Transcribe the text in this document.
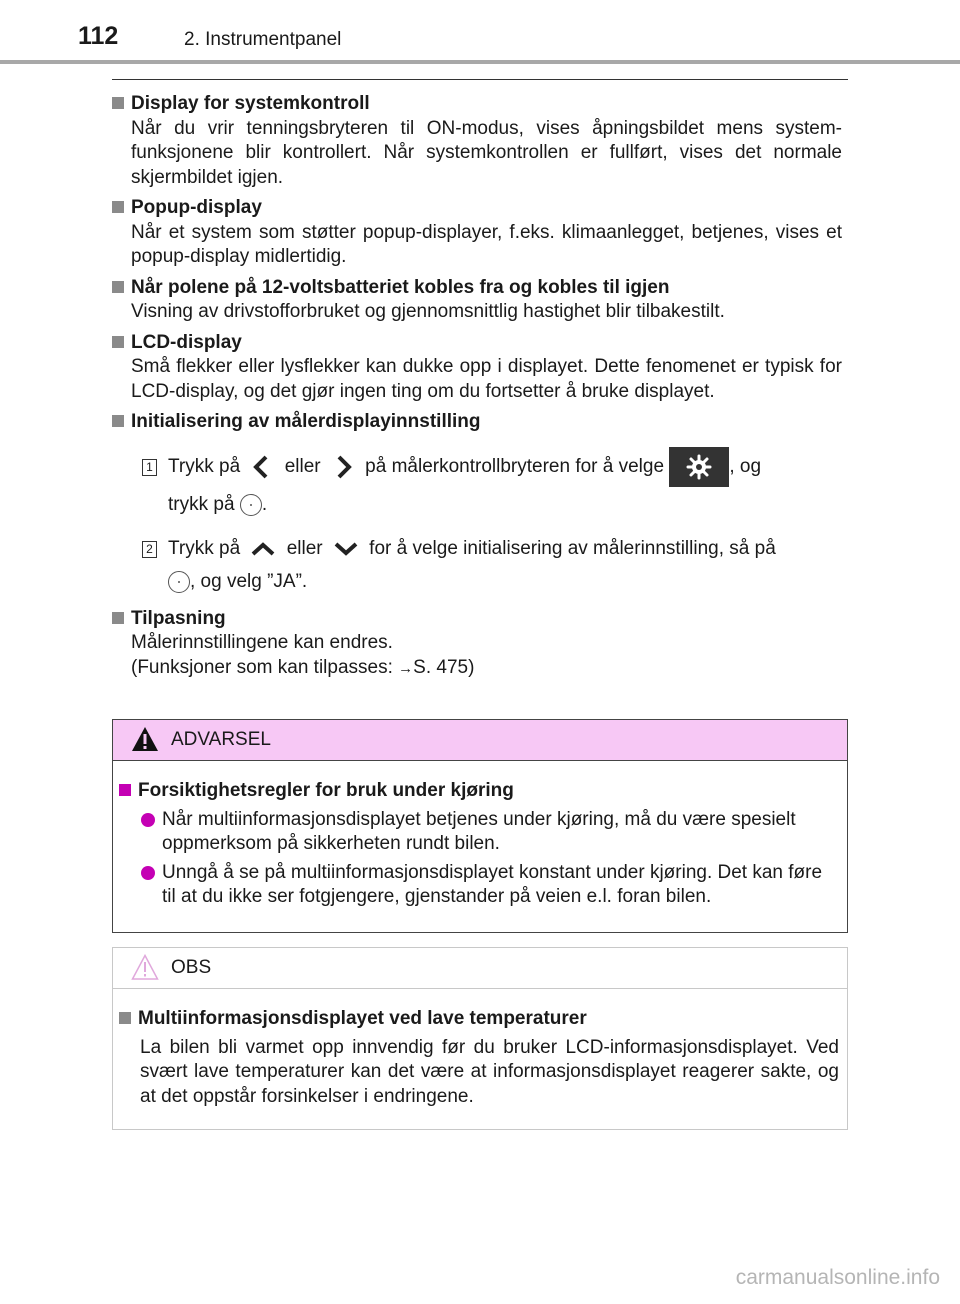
112	2. Instrumentpanel
Display for systemkontroll
Når du vrir tenningsbryteren til ON-modus, vises åpningsbildet mens system-funksjonene blir kontrollert. Når systemkontrollen er fullført, vises det normale skjermbildet igjen.
Popup-display
Når et system som støtter popup-displayer, f.eks. klimaanlegget, betjenes, vises et popup-display midlertidig.
Når polene på 12-voltsbatteriet kobles fra og kobles til igjen
Visning av drivstofforbruket og gjennomsnittlig hastighet blir tilbakestilt.
LCD-display
Små flekker eller lysflekker kan dukke opp i displayet. Dette fenomenet er typisk for LCD-display, og det gjør ingen ting om du fortsetter å bruke displayet.
Initialisering av målerdisplayinnstilling
1 Trykk på eller på målerkontrollbryteren for å velge	, og
trykk på .
2 Trykk på eller for å velge initialisering av målerinnstilling, så på
, og velg ”JA”.
Tilpasning
Målerinnstillingene kan endres.
(Funksjoner som kan tilpasses: →S. 475)
ADVARSEL
Forsiktighetsregler for bruk under kjøring
Når multiinformasjonsdisplayet betjenes under kjøring, må du være spesielt oppmerksom på sikkerheten rundt bilen.
Unngå å se på multiinformasjonsdisplayet konstant under kjøring. Det kan føre til at du ikke ser fotgjengere, gjenstander på veien e.l. foran bilen.
OBS
Multiinformasjonsdisplayet ved lave temperaturer
La bilen bli varmet opp innvendig før du bruker LCD-informasjonsdisplayet. Ved svært lave temperaturer kan det være at informasjonsdisplayet reagerer sakte, og at det oppstår forsinkelser i endringene.
carmanualsonline.info
